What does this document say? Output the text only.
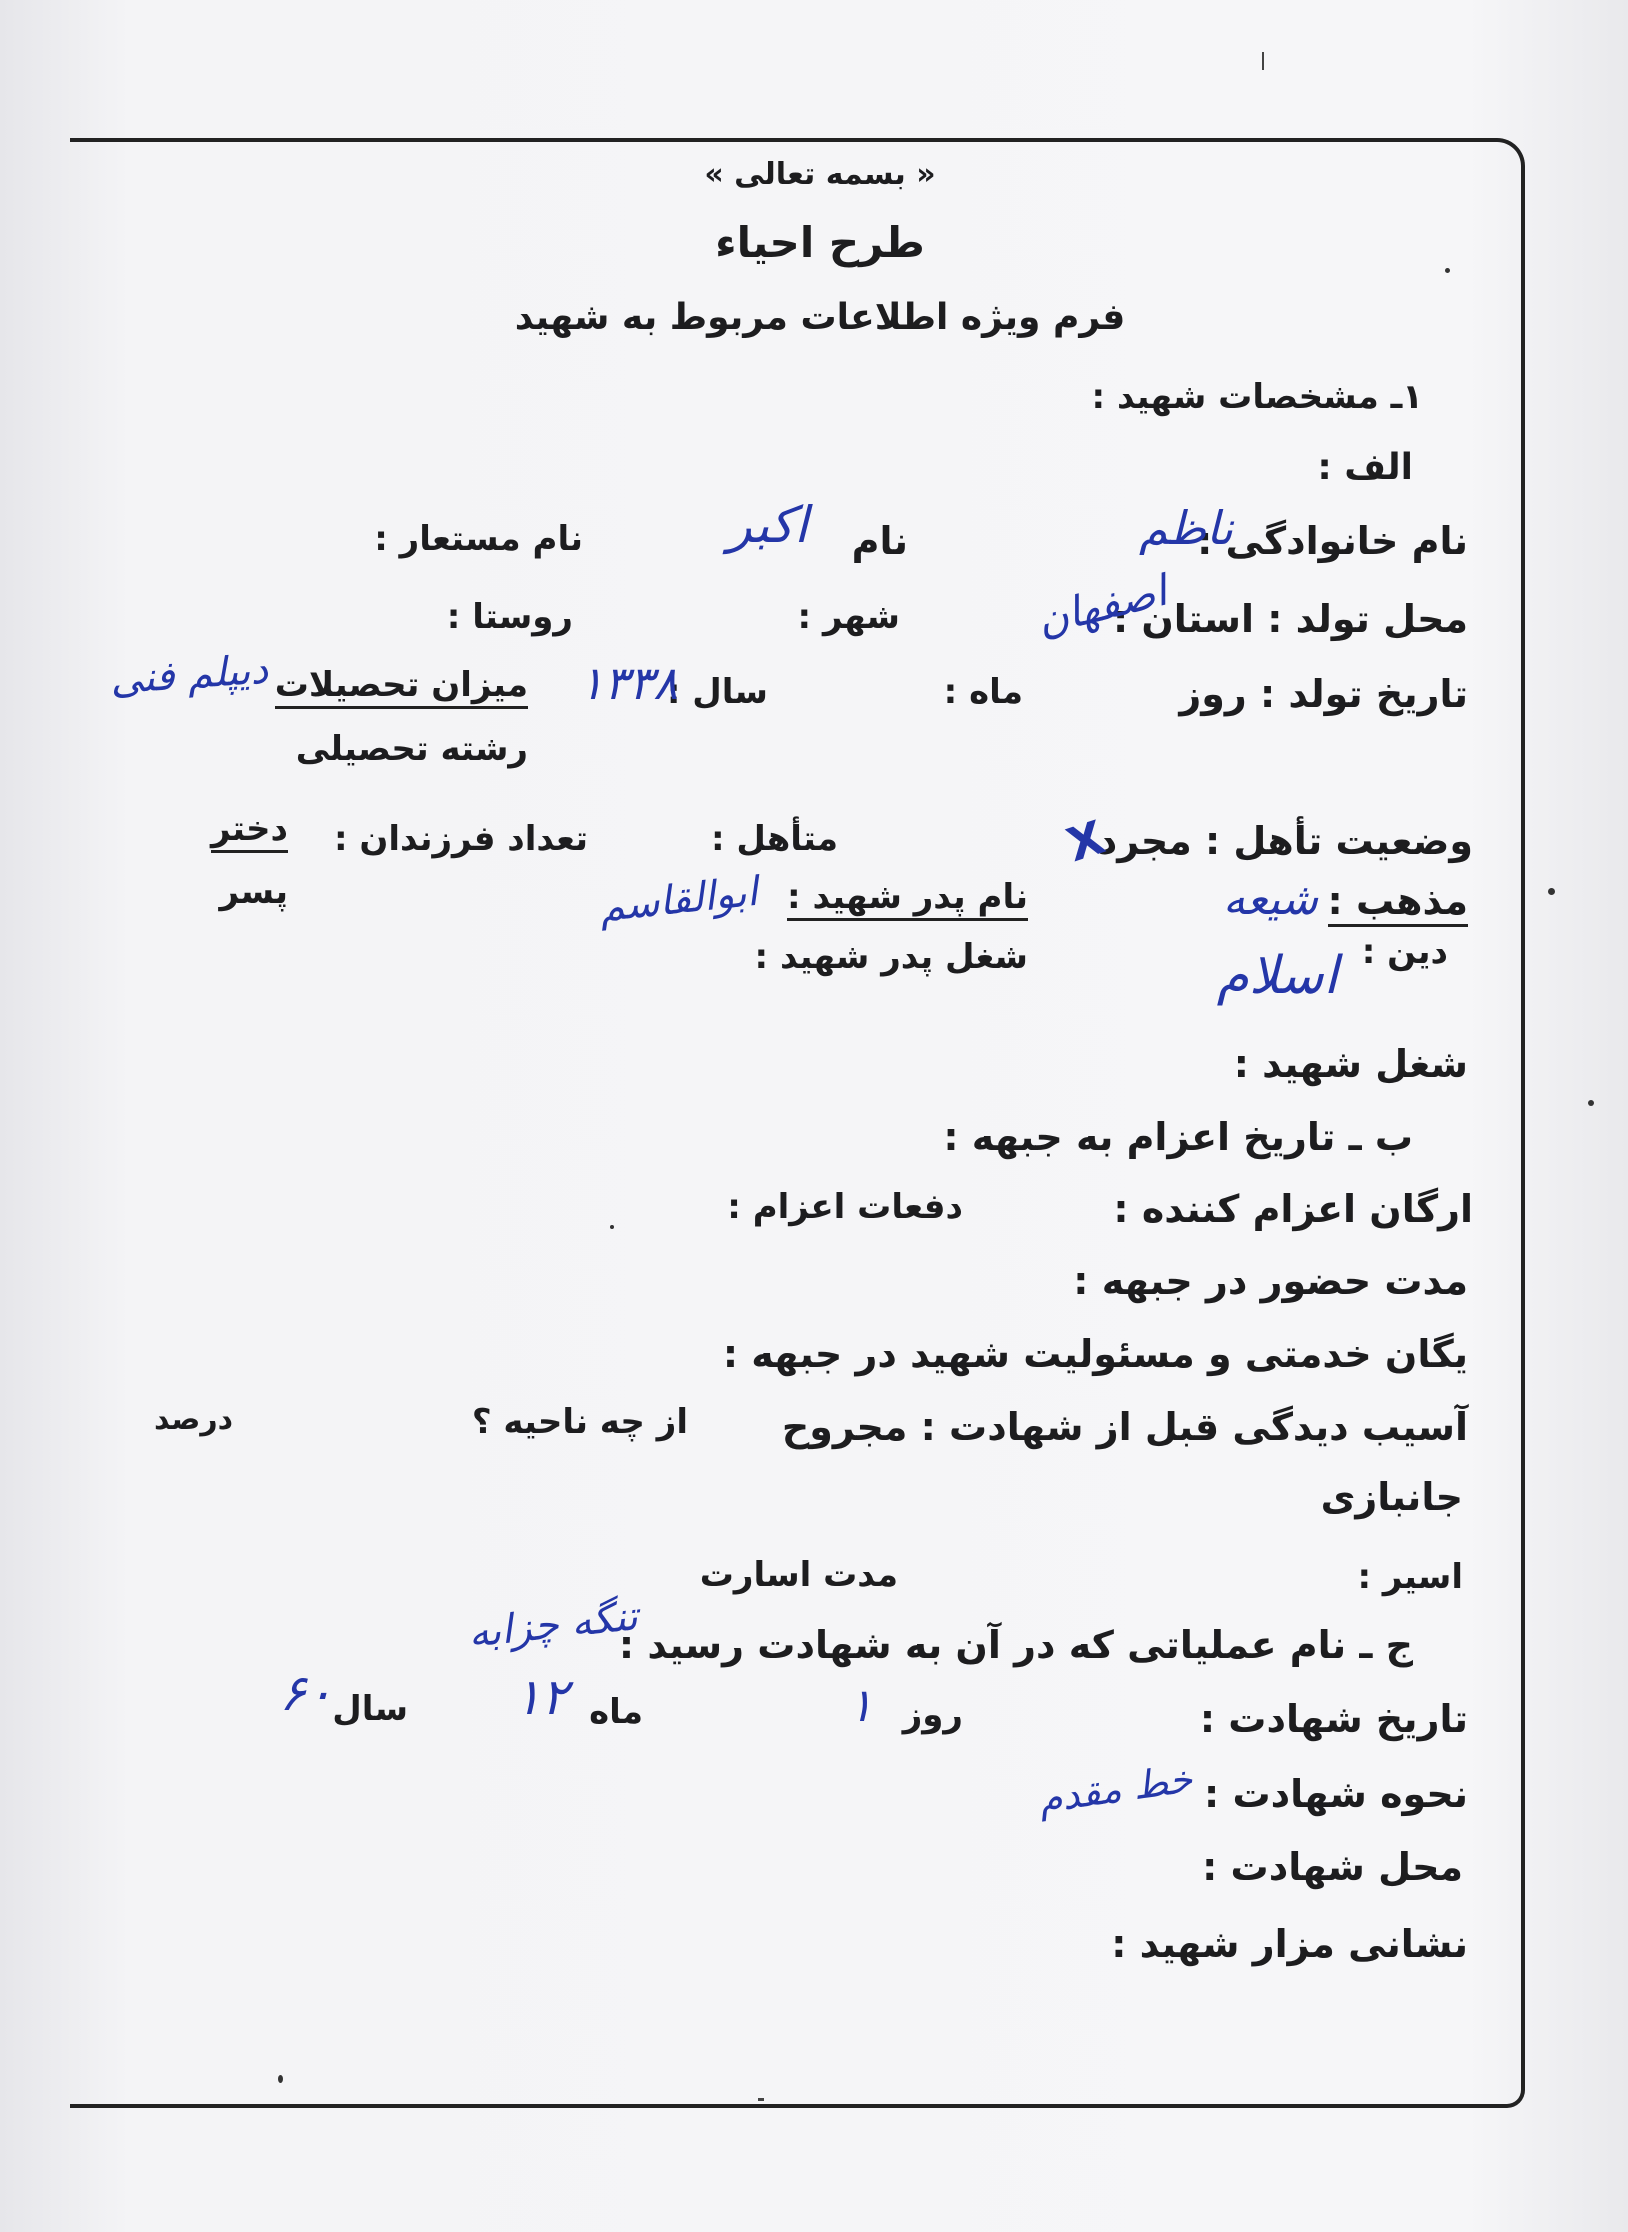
« بسمه تعالی »
طرح احیاء
فرم ویژه اطلاعات مربوط به شهید
۱ـ مشخصات شهید :
الف :
نام خانوادگی :
ناظم
نام
اکبر
نام مستعار :
محل تولد : استان :
اصفهان
شهر :
روستا :
تاریخ تولد : روز
ماه :
سال :
۱۳۳۸
میزان تحصیلات
دیپلم فنی
رشته تحصیلی
وضعیت تأهل : مجرد
X
متأهل :
تعداد فرزندان :
دختر
پسر	مذهب :
شیعه
نام پدر شهید :
ابوالقاسم
دین :
اسلام
شغل پدر شهید :
شغل شهید :
ب ـ تاریخ اعزام به جبهه :
ارگان اعزام کننده :
دفعات اعزام :
مدت حضور در جبهه :
یگان خدمتی و مسئولیت شهید در جبهه :
آسیب دیدگی قبل از شهادت : مجروح
از چه ناحیه ؟
درصد
جانبازی
اسیر :
مدت اسارت
ج ـ نام عملیاتی که در آن به شهادت رسید :
تنگه چزابه
تاریخ شهادت :
روز
۱
ماه
۱۲
سال
۶۰
نحوه شهادت :
خط مقدم
محل شهادت :
نشانی مزار شهید :
